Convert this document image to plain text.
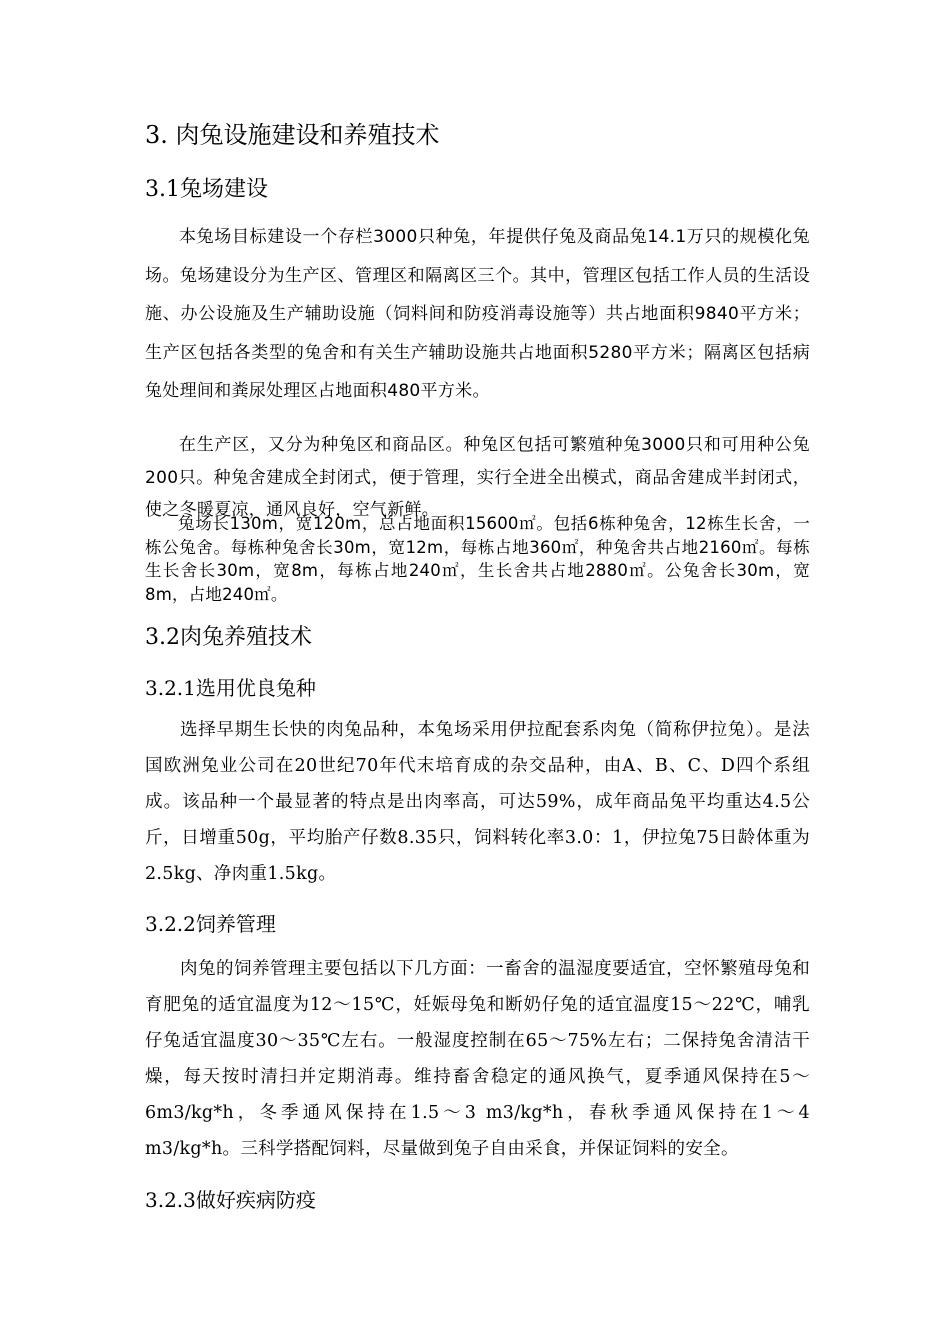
3. 肉兔设施建设和养殖技术
3.1兔场建设

本兔场目标建设一个存栏3000只种兔，年提供仔兔及商品兔14.1万只的规模化兔场。兔场建设分为生产区、管理区和隔离区三个。其中，管理区包括工作人员的生活设施、办公设施及生产辅助设施（饲料间和防疫消毒设施等）共占地面积9840平方米；生产区包括各类型的兔舍和有关生产辅助设施共占地面积5280平方米；隔离区包括病兔处理间和粪尿处理区占地面积480平方米。

在生产区，又分为种兔区和商品区。种兔区包括可繁殖种兔3000只和可用种公兔200只。种兔舍建成全封闭式，便于管理，实行全进全出模式，商品舍建成半封闭式，使之冬暖夏凉，通风良好，空气新鲜。

兔场长130m，宽120m，总占地面积15600㎡。包括6栋种兔舍，12栋生长舍，一栋公兔舍。每栋种兔舍长30m，宽12m，每栋占地360㎡，种兔舍共占地2160㎡。每栋生长舍长30m，宽8m，每栋占地240㎡，生长舍共占地2880㎡。公兔舍长30m，宽8m，占地240㎡。

3.2肉兔养殖技术
3.2.1选用优良兔种

选择早期生长快的肉兔品种，本兔场采用伊拉配套系肉兔（简称伊拉兔）。是法国欧洲兔业公司在20世纪70年代末培育成的杂交品种，由A、B、C、D四个系组成。该品种一个最显著的特点是出肉率高，可达59%，成年商品兔平均重达4.5公斤，日增重50g，平均胎产仔数8.35只，饲料转化率3.0：1，伊拉兔75日龄体重为2.5kg、净肉重1.5kg。

3.2.2饲养管理

肉兔的饲养管理主要包括以下几方面：一畜舍的温湿度要适宜，空怀繁殖母兔和育肥兔的适宜温度为12～15℃，妊娠母兔和断奶仔兔的适宜温度15～22℃，哺乳仔兔适宜温度30～35℃左右。一般湿度控制在65～75%左右；二保持兔舍清洁干燥，每天按时清扫并定期消毒。维持畜舍稳定的通风换气，夏季通风保持在5～6m3/kg*h，冬季通风保持在1.5～3 m3/kg*h，春秋季通风保持在1～4 m3/kg*h。三科学搭配饲料，尽量做到兔子自由采食，并保证饲料的安全。

3.2.3做好疾病防疫
